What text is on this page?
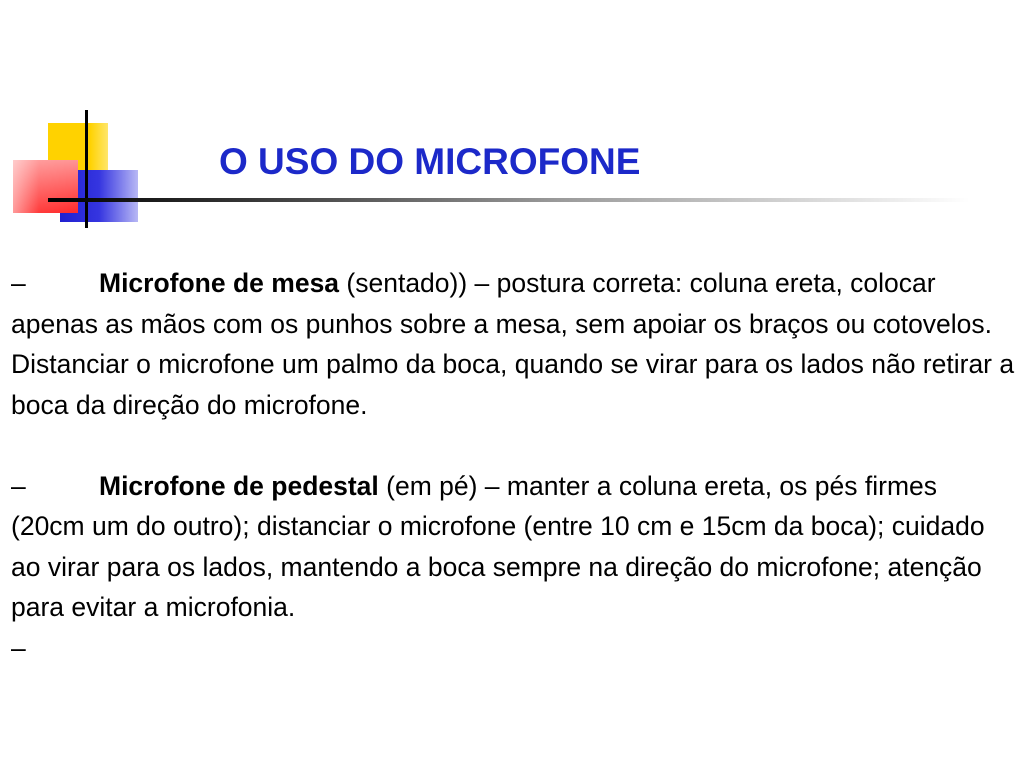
O USO DO MICROFONE

–	Microfone de mesa (sentado)) – postura correta: coluna ereta, colocar apenas as mãos com os punhos sobre a mesa, sem apoiar os braços ou cotovelos. Distanciar o microfone um palmo da boca, quando se virar para os lados não retirar a boca da direção do microfone.

–	Microfone de pedestal (em pé) – manter a coluna ereta, os pés firmes (20cm um do outro); distanciar o microfone (entre 10 cm e 15cm da boca); cuidado ao virar para os lados, mantendo a boca sempre na direção do microfone; atenção para evitar a microfonia.

–
